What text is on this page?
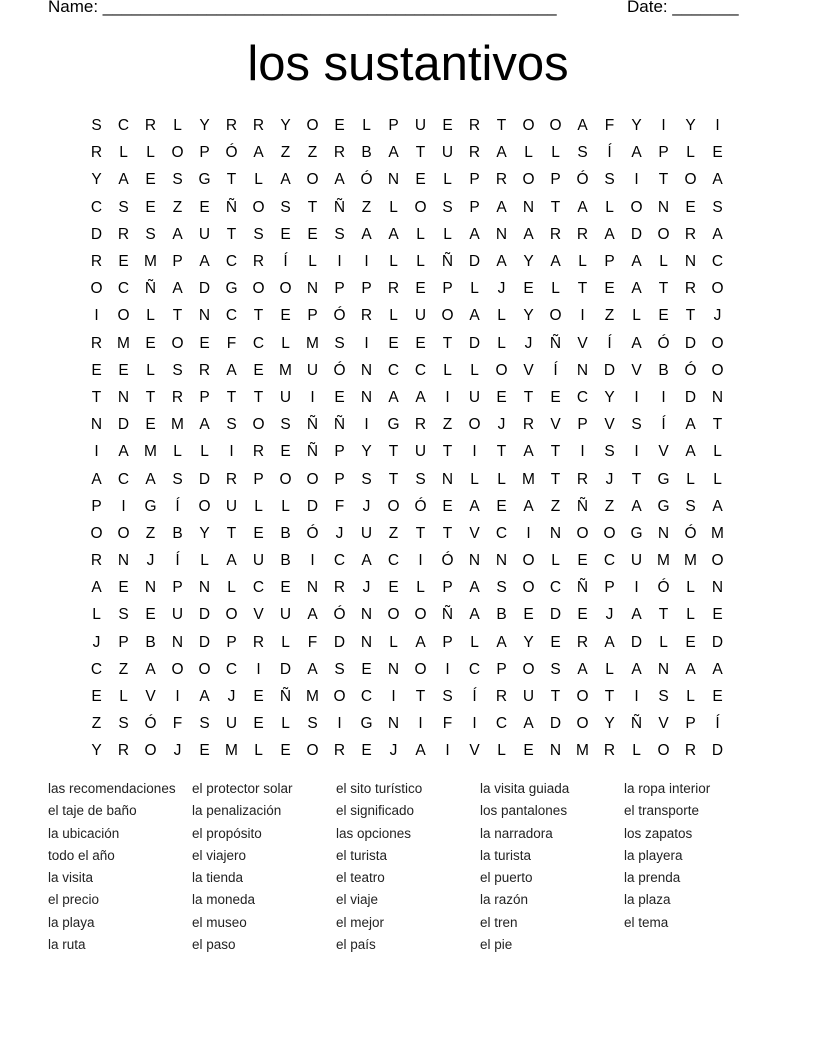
Name: ________________________________________________	Date: _______
los sustantivos
S	C	R	L	Y	R	R	Y	O	E	L	P	U	E	R	T	O O	A	F	Y	I	Y	I
R	L	L	O	P	Ó	A	Z	Z	R	B	A	T	U	R	A	L	L	S	Í	A	P	L	E
Y	A	E	S	G	T	L	A	O	A	Ó N	E	L	P	R O	P	Ó	S	I	T	O	A
C	S	E	Z	E	Ñ O	S	T	Ñ	Z	L	O	S	P	A	N	T	A	L	O N	E	S
D	R	S	A	U	T	S	E	E	S	A	A	L	L	A	N	A	R	R	A	D O R	A
R	E M P	A	C	R	Í	L	I	I	L	L	Ñ	D	A	Y	A	L	P	A	L	N	C
O C	Ñ	A	D G O O N	P	P	R	E	P	L	J	E	L	T	E	A	T	R O
I	O	L	T	N	C	T	E	P	Ó R	L	U O	A	L	Y	O	I	Z	L	E	T	J
R M E	O	E	F	C	L	M S	I	E	E	T	D	L	J	Ñ	V	Í	A	Ó D O
E	E	L	S	R	A	E M U Ó N	C	C	L	L	O	V	Í	N	D	V	B	Ó O
T	N	T	R	P	T	T	U	I	E	N	A	A	I	U	E	T	E	C	Y	I	I	D	N
N	D	E M A	S	O	S	Ñ	Ñ	I	G R	Z	O	J	R	V	P	V	S	Í	A	T
I	A M	L	L	I	R	E	Ñ	P	Y	T	U	T	I	T	A	T	I	S	I	V	A	L
A	C	A	S	D	R	P	O O	P	S	T	S	N	L	L	M	T	R	J	T	G	L	L
P	I	G	Í	O U	L	L	D	F	J	O Ó	E	A	E	A	Z	Ñ	Z	A	G	S	A
O O	Z	B	Y	T	E	B	Ó	J	U	Z	T	T	V	C	I	N O O G N Ó M
R	N	J	Í	L	A	U	B	I	C	A	C	I	Ó N	N O	L	E	C	U M M O
A	E	N	P	N	L	C	E	N	R	J	E	L	P	A	S	O C	Ñ	P	I	Ó	L	N
L	S	E	U	D O	V	U	A	Ó N O O Ñ	A	B	E	D	E	J	A	T	L	E
J	P	B	N	D	P	R	L	F	D	N	L	A	P	L	A	Y	E	R	A	D	L	E	D
C	Z	A	O O C	I	D	A	S	E	N O	I	C	P	O	S	A	L	A	N	A	A
E	L	V	I	A	J	E	Ñ M O C	I	T	S	Í	R	U	T	O	T	I	S	L	E
Z	S	Ó	F	S	U	E	L	S	I	G N	I	F	I	C	A	D O	Y	Ñ	V	P	Í
Y	R O	J	E M	L	E	O R	E	J	A	I	V	L	E	N M R	L	O R	D
las recomendaciones
el taje de baño
la ubicación
todo el año
la visita
el precio
la playa
la ruta
el protector solar
la penalización
el propósito
el viajero
la tienda
la moneda
el museo
el paso
el sito turístico
el significado
las opciones
el turista
el teatro
el viaje
el mejor
el país
la visita guiada
los pantalones
la narradora
la turista
el puerto
la razón
el tren
el pie
la ropa interior
el transporte
los zapatos
la playera
la prenda
la plaza
el tema
